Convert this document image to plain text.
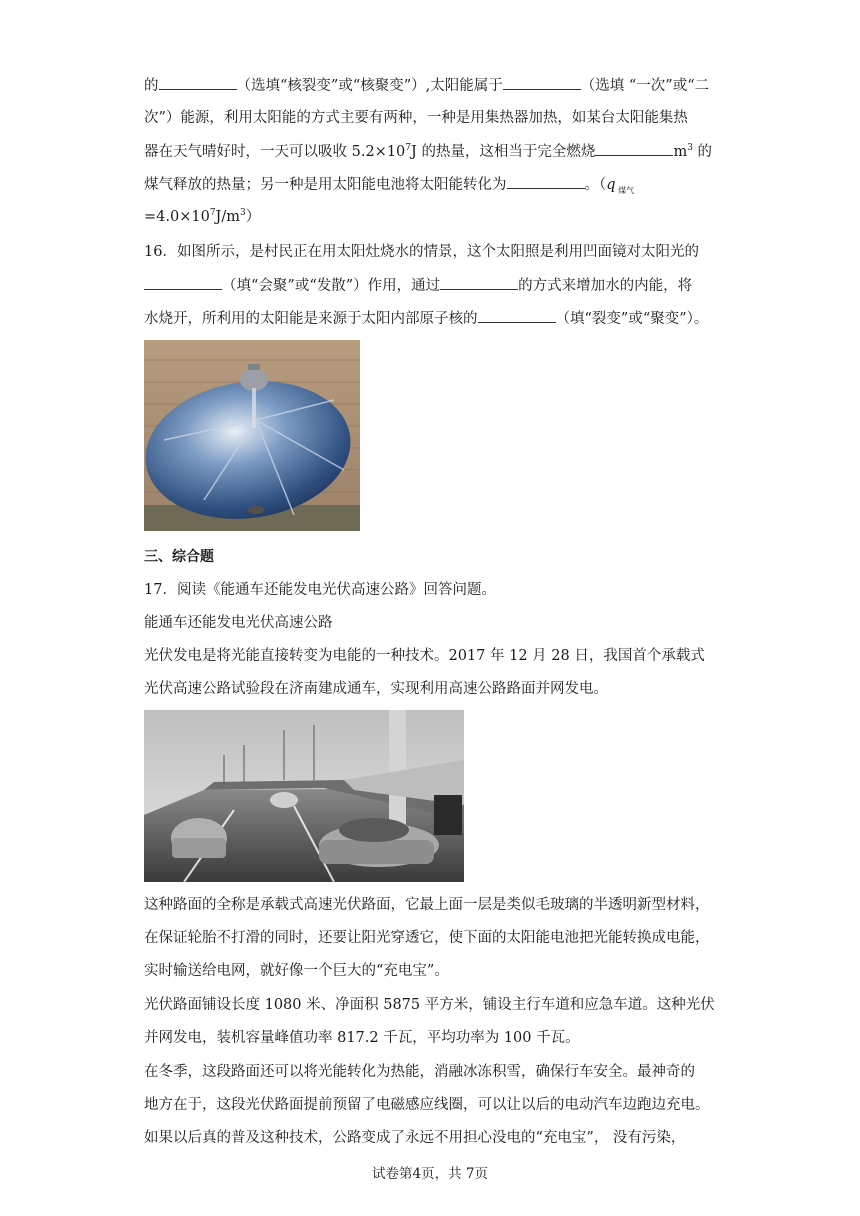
的	（选填“核裂变”或“核聚变”）,太阳能属于	（选填 “一次”或“二
次”）能源，利用太阳能的方式主要有两种，一种是用集热器加热，如某台太阳能集热
器在天气晴好时，一天可以吸收 $5.2\times 10^7J$ 的热量，这相当于完全燃烧	$m^3$ 的
煤气释放的热量；另一种是用太阳能电池将太阳能转化为	。（q $_{煤气}$
$=4.0\times 10^7J/m^3$）
16．如图所示，是村民正在用太阳灶烧水的情景，这个太阳照是利用凹面镜对太阳光的
（填“会聚”或“发散”）作用，通过	的方式来增加水的内能，将
水烧开，所利用的太阳能是来源于太阳内部原子核的	（填“裂变”或“聚变”）。
三、综合题
17．阅读《能通车还能发电光伏高速公路》回答问题。
能通车还能发电光伏高速公路
光伏发电是将光能直接转变为电能的一种技术。2017 年 12 月 28 日，我国首个承载式
光伏高速公路试验段在济南建成通车，实现利用高速公路路面并网发电。
这种路面的全称是承载式高速光伏路面，它最上面一层是类似毛玻璃的半透明新型材料，
在保证轮胎不打滑的同时，还要让阳光穿透它，使下面的太阳能电池把光能转换成电能，
实时输送给电网，就好像一个巨大的“充电宝”。
光伏路面铺设长度 1080 米、净面积 5875 平方米，铺设主行车道和应急车道。这种光伏
并网发电，装机容量峰值功率 817.2 千瓦，平均功率为 100 千瓦。
在冬季，这段路面还可以将光能转化为热能，消融冰冻积雪，确保行车安全。最神奇的
地方在于，这段光伏路面提前预留了电磁感应线圈，可以让以后的电动汽车边跑边充电。
如果以后真的普及这种技术，公路变成了永远不用担心没电的“充电宝”， 没有污染，
试卷第4页，共 7页
